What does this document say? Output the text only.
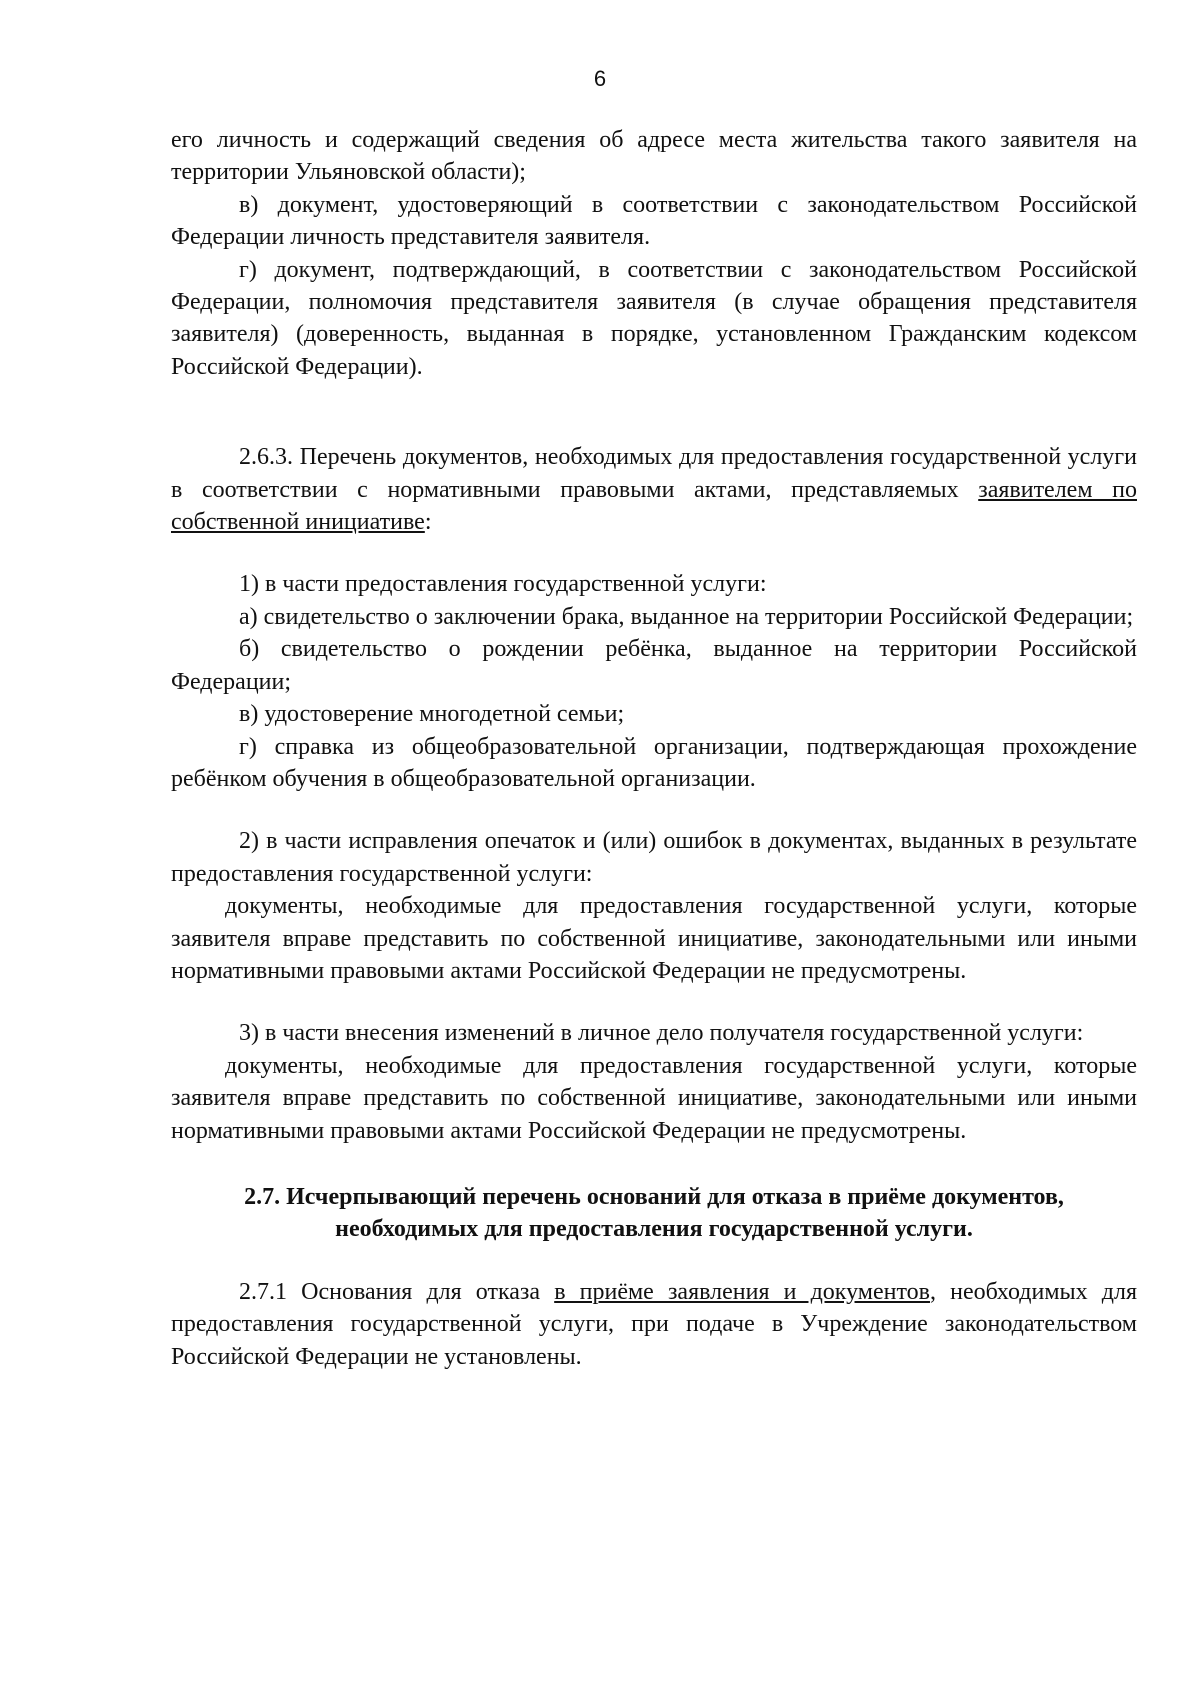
6

его личность и содержащий сведения об адресе места жительства такого заявителя на территории Ульяновской области);

в) документ, удостоверяющий в соответствии с законодательством Российской Федерации личность представителя заявителя.

г) документ, подтверждающий, в соответствии с законодательством Российской Федерации, полномочия представителя заявителя (в случае обращения представителя заявителя) (доверенность, выданная в порядке, установленном Гражданским кодексом Российской Федерации).

2.6.3. Перечень документов, необходимых для предоставления государственной услуги в соответствии с нормативными правовыми актами, представляемых заявителем по собственной инициативе:

1) в части предоставления государственной услуги:

а) свидетельство о заключении брака, выданное на территории Российской Федерации;

б) свидетельство о рождении ребёнка, выданное на территории Российской Федерации;

в) удостоверение многодетной семьи;

г) справка из общеобразовательной организации, подтверждающая прохождение ребёнком обучения в общеобразовательной организации.

2) в части исправления опечаток и (или) ошибок в документах, выданных в результате предоставления государственной услуги:

документы, необходимые для предоставления государственной услуги, которые заявителя вправе представить по собственной инициативе, законодательными или иными нормативными правовыми актами Российской Федерации не предусмотрены.

3) в части внесения изменений в личное дело получателя государственной услуги:

документы, необходимые для предоставления государственной услуги, которые заявителя вправе представить по собственной инициативе, законодательными или иными нормативными правовыми актами Российской Федерации не предусмотрены.

2.7. Исчерпывающий перечень оснований для отказа в приёме документов,
необходимых для предоставления государственной услуги.

2.7.1 Основания для отказа в приёме заявления и документов, необходимых для предоставления государственной услуги, при подаче в Учреждение законодательством Российской Федерации не установлены.
